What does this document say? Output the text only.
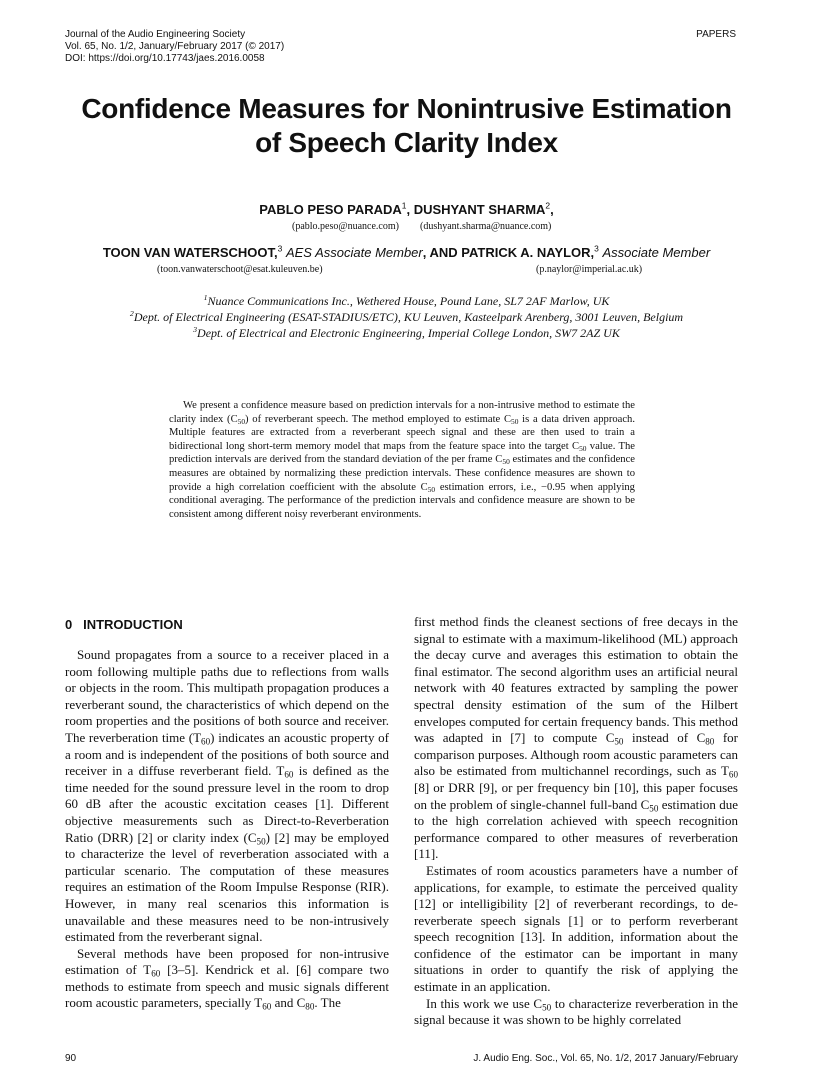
Journal of the Audio Engineering Society
Vol. 65, No. 1/2, January/February 2017 (© 2017)
DOI: https://doi.org/10.17743/jaes.2016.0058
PAPERS
Confidence Measures for Nonintrusive Estimation
of Speech Clarity Index
PABLO PESO PARADA$^1$, DUSHYANT SHARMA$^2$,
(pablo.peso@nuance.com) (dushyant.sharma@nuance.com)
TOON VAN WATERSCHOOT,$^3$ AES Associate Member, AND PATRICK A. NAYLOR,$^3$ Associate Member
(toon.vanwaterschoot@esat.kuleuven.be)	(p.naylor@imperial.ac.uk)
$^1$Nuance Communications Inc., Wethered House, Pound Lane, SL7 2AF Marlow, UK
$^2$Dept. of Electrical Engineering (ESAT-STADIUS/ETC), KU Leuven, Kasteelpark Arenberg, 3001 Leuven, Belgium
$^3$Dept. of Electrical and Electronic Engineering, Imperial College London, SW7 2AZ UK
We present a confidence measure based on prediction intervals for a non-intrusive method to estimate the clarity index $(C_{50})$ of reverberant speech. The method employed to estimate $C_{50}$ is a data driven approach. Multiple features are extracted from a reverberant speech signal and these are then used to train a bidirectional long short-term memory model that maps from the feature space into the target $C_{50}$ value. The prediction intervals are derived from the standard deviation of the per frame $C_{50}$ estimates and the confidence measures are obtained by normalizing these prediction intervals. These confidence measures are shown to provide a high correlation coefficient with the absolute $C_{50}$ estimation errors, i.e., −0.95 when applying conditional averaging. The performance of the prediction intervals and confidence measure are shown to be consistent among different noisy reverberant environments.
0 INTRODUCTION

Sound propagates from a source to a receiver placed in a room following multiple paths due to reflections from walls or objects in the room. This multipath propagation produces a reverberant sound, the characteristics of which depend on the room properties and the positions of both source and receiver. The reverberation time $(T_{60})$ indicates an acoustic property of a room and is independent of the positions of both source and receiver in a diffuse reverberant field. $T_{60}$ is defined as the time needed for the sound pressure level in the room to drop 60 dB after the acoustic excitation ceases [1]. Different objective measurements such as Direct-to-Reverberation Ratio (DRR) [2] or clarity index $(C_{50})$ [2] may be employed to characterize the level of reverberation associated with a particular scenario. The computation of these measures requires an estimation of the Room Impulse Response (RIR). However, in many real scenarios this information is unavailable and these measures need to be non-intrusively estimated from the reverberant signal.

Several methods have been proposed for non-intrusive estimation of $T_{60}$ [3–5]. Kendrick et al. [6] compare two methods to estimate from speech and music signals different room acoustic parameters, specially $T_{60}$ and $C_{80}$. The

first method finds the cleanest sections of free decays in the signal to estimate with a maximum-likelihood (ML) approach the decay curve and averages this estimation to obtain the final estimator. The second algorithm uses an artificial neural network with 40 features extracted by sampling the power spectral density estimation of the sum of the Hilbert envelopes computed for certain frequency bands. This method was adapted in [7] to compute $C_{50}$ instead of $C_{80}$ for comparison purposes. Although room acoustic parameters can also be estimated from multichannel recordings, such as $T_{60}$ [8] or DRR [9], or per frequency bin [10], this paper focuses on the problem of single-channel full-band $C_{50}$ estimation due to the high correlation achieved with speech recognition performance compared to other measures of reverberation [11].

Estimates of room acoustics parameters have a number of applications, for example, to estimate the perceived quality [12] or intelligibility [2] of reverberant recordings, to de-reverberate speech signals [1] or to perform reverberant speech recognition [13]. In addition, information about the confidence of the estimator can be important in many situations in order to quantify the risk of applying the estimate in an application.

In this work we use $C_{50}$ to characterize reverberation in the signal because it was shown to be highly correlated

90	J. Audio Eng. Soc., Vol. 65, No. 1/2, 2017 January/February
